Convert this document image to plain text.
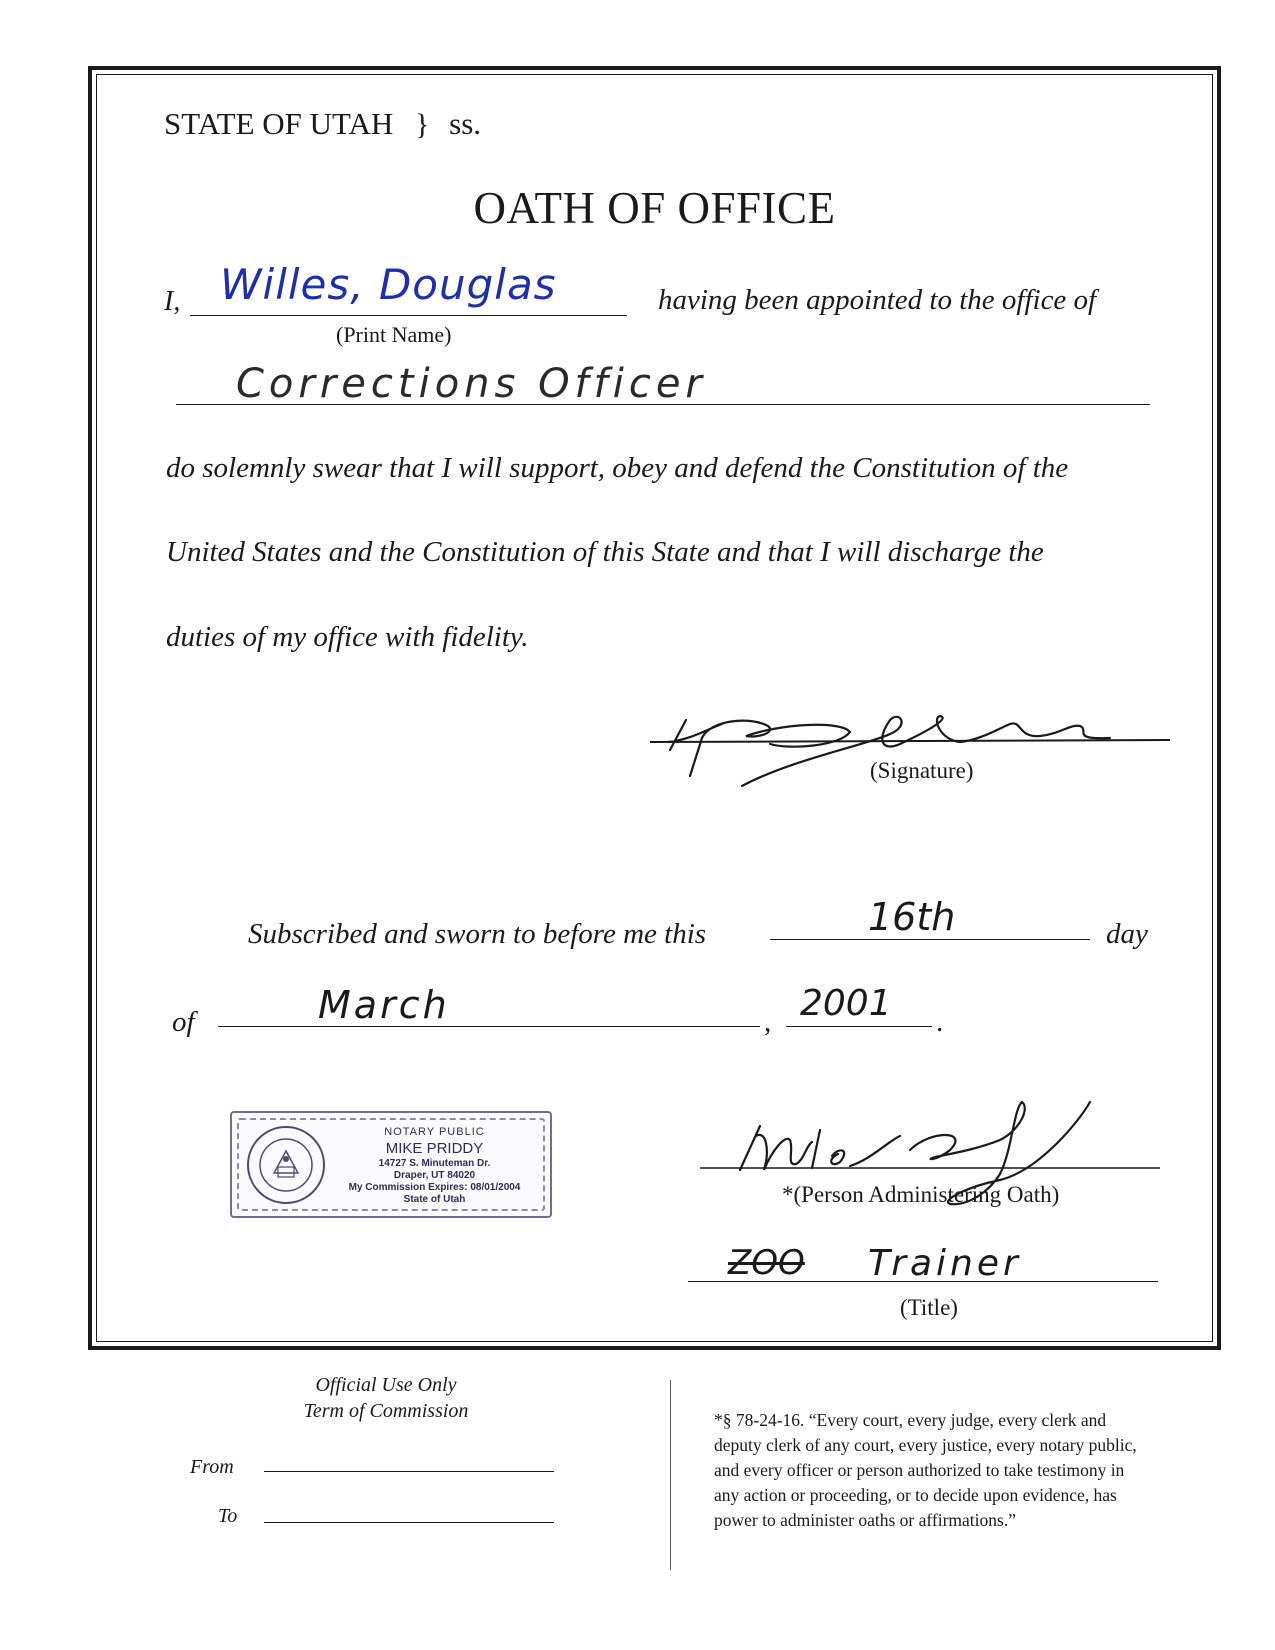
STATE OF UTAH } ss.
OATH OF OFFICE
I, Willes, Douglas
(Print Name)
having been appointed to the office of
Corrections Officer
do solemnly swear that I will support, obey and defend the Constitution of the
United States and the Constitution of this State and that I will discharge the
duties of my office with fidelity.
(Signature)
Subscribed and sworn to before me this	16th	day
of	March	, 2001 .
NOTARY PUBLIC
MIKE PRIDDY
14727 S. Minuteman Dr.
Draper, UT 84020
My Commission Expires: 08/01/2004
State of Utah	*(Person Administering Oath)
ZOO Trainer
(Title)
Official Use Only
Term of Commission
From
To
*§ 78-24-16. “Every court, every judge, every clerk and
deputy clerk of any court, every justice, every notary public,
and every officer or person authorized to take testimony in
any action or proceeding, or to decide upon evidence, has
power to administer oaths or affirmations.”
